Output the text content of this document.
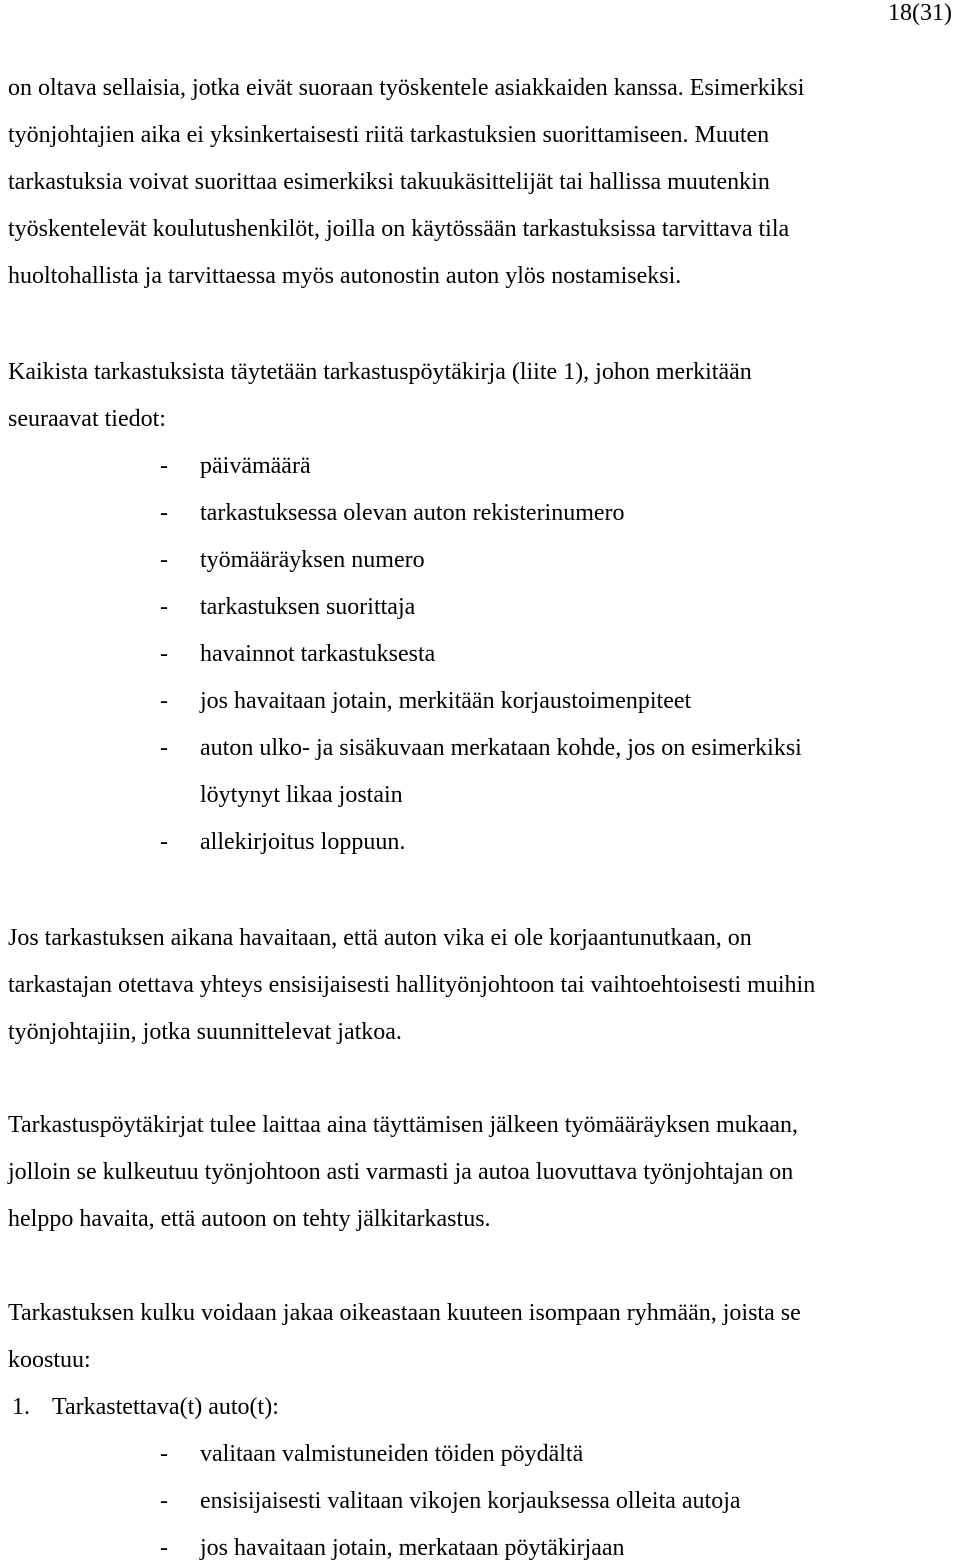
18(31)
on oltava sellaisia, jotka eivät suoraan työskentele asiakkaiden kanssa. Esimerkiksi
työnjohtajien aika ei yksinkertaisesti riitä tarkastuksien suorittamiseen. Muuten
tarkastuksia voivat suorittaa esimerkiksi takuukäsittelijät tai hallissa muutenkin
työskentelevät koulutushenkilöt, joilla on käytössään tarkastuksissa tarvittava tila
huoltohallista ja tarvittaessa myös autonostin auton ylös nostamiseksi.
Kaikista tarkastuksista täytetään tarkastuspöytäkirja (liite 1), johon merkitään
seuraavat tiedot:
- päivämäärä
- tarkastuksessa olevan auton rekisterinumero
- työmääräyksen numero
- tarkastuksen suorittaja
- havainnot tarkastuksesta
- jos havaitaan jotain, merkitään korjaustoimenpiteet
- auton ulko- ja sisäkuvaan merkataan kohde, jos on esimerkiksi
löytynyt likaa jostain
- allekirjoitus loppuun.
Jos tarkastuksen aikana havaitaan, että auton vika ei ole korjaantunutkaan, on
tarkastajan otettava yhteys ensisijaisesti hallityönjohtoon tai vaihtoehtoisesti muihin
työnjohtajiin, jotka suunnittelevat jatkoa.
Tarkastuspöytäkirjat tulee laittaa aina täyttämisen jälkeen työmääräyksen mukaan,
jolloin se kulkeutuu työnjohtoon asti varmasti ja autoa luovuttava työnjohtajan on
helppo havaita, että autoon on tehty jälkitarkastus.
Tarkastuksen kulku voidaan jakaa oikeastaan kuuteen isompaan ryhmään, joista se
koostuu:
1. Tarkastettava(t) auto(t):
- valitaan valmistuneiden töiden pöydältä
- ensisijaisesti valitaan vikojen korjauksessa olleita autoja
- jos havaitaan jotain, merkataan pöytäkirjaan
